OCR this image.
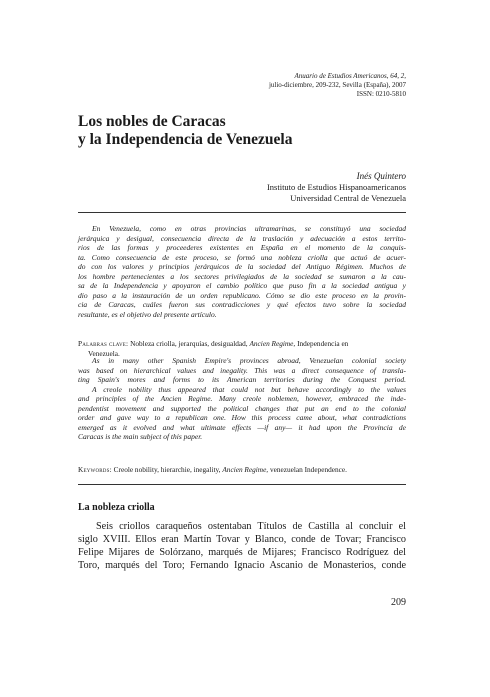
Anuario de Estudios Americanos, 64, 2,
julio-diciembre, 209-232, Sevilla (España), 2007
ISSN: 0210-5810
Los nobles de Caracas
y la Independencia de Venezuela
Inés Quintero
Instituto de Estudios Hispanoamericanos
Universidad Central de Venezuela
En Venezuela, como en otras provincias ultramarinas, se constituyó una sociedad
jerárquica y desigual, consecuencia directa de la traslación y adecuación a estos territo-
rios de las formas y proceederes existentes en España en el momento de la conquis-
ta. Como consecuencia de este proceso, se formó una nobleza criolla que actuó de acuer-
do con los valores y principios jerárquicos de la sociedad del Antiguo Régimen. Muchos de
los hombre pertenecientes a los sectores privilegiados de la sociedad se sumaron a la cau-
sa de la Independencia y apoyaron el cambio político que puso fin a la sociedad antigua y
dio paso a la instauración de un orden republicano. Cómo se dio este proceso en la provin-
cia de Caracas, cuáles fueron sus contradicciones y qué efectos tuvo sobre la sociedad
resultante, es el objetivo del presente artículo.
Palabras clave: Nobleza criolla, jerarquías, desigualdad, Ancien Regime, Independencia en
Venezuela.
As in many other Spanish Empire's provinces abroad, Venezuelan colonial society
was based on hierarchical values and inegality. This was a direct consequence of transla-
ting Spain's mores and forms to its American territories during the Conquest period.
A creole nobility thus appeared that could not but behave accordingly to the values
and principles of the Ancien Regime. Many creole noblemen, however, embraced the inde-
pendentist movement and supported the political changes that put an end to the colonial
order and gave way to a republican one. How this process came about, what contradictions
emerged as it evolved and what ultimate effects —if any— it had upon the Provincia de
Caracas is the main subject of this paper.
Keywords: Creole nobility, hierarchie, inegality, Ancien Regime, venezuelan Independence.
La nobleza criolla
Seis criollos caraqueños ostentaban Títulos de Castilla al concluir el
siglo XVIII. Ellos eran Martín Tovar y Blanco, conde de Tovar; Francisco
Felipe Mijares de Solórzano, marqués de Mijares; Francisco Rodríguez del
Toro, marqués del Toro; Fernando Ignacio Ascanio de Monasterios, conde
209
